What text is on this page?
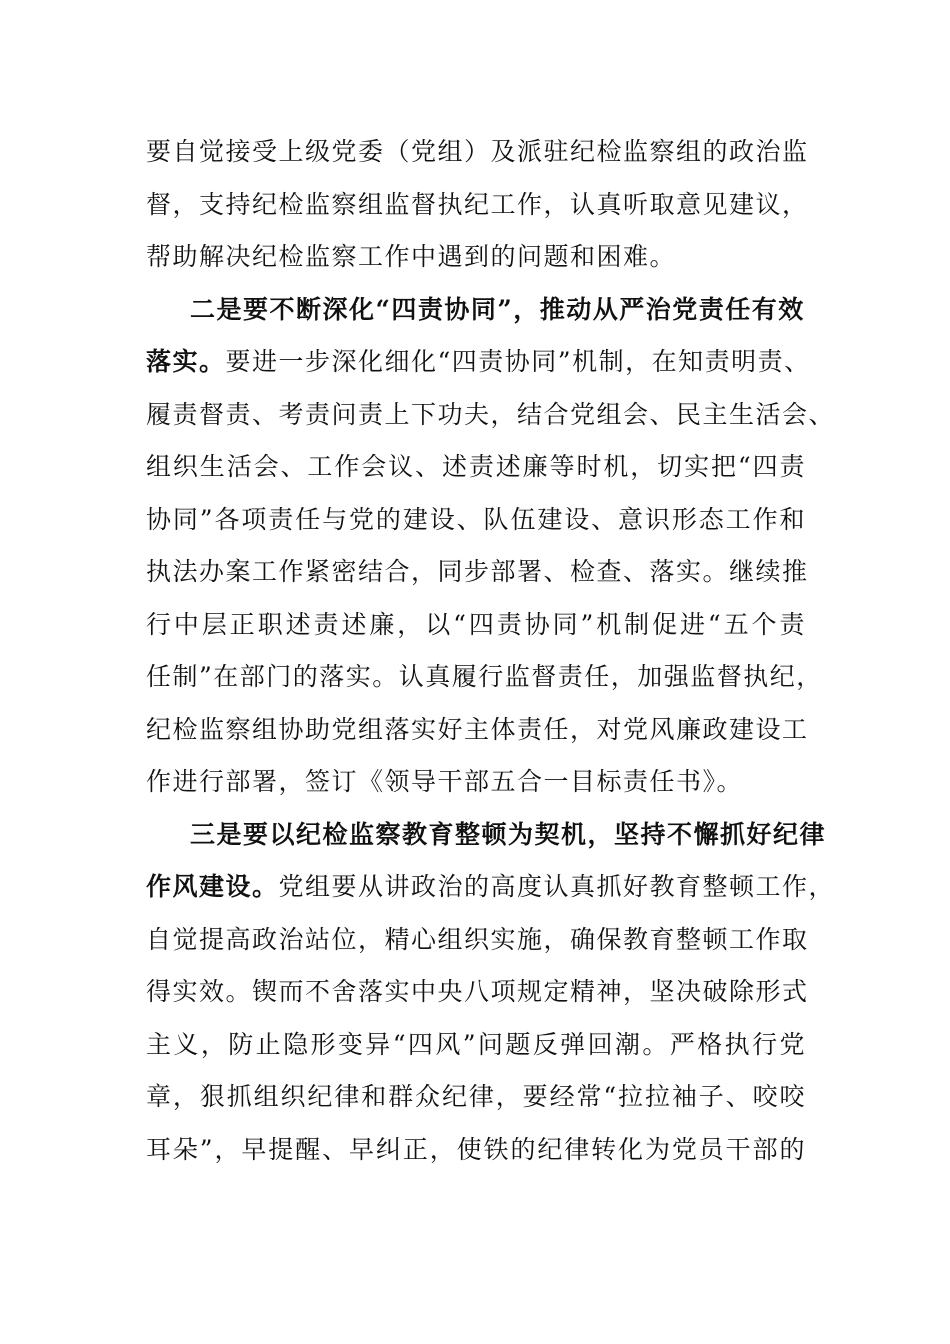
要自觉接受上级党委（党组）及派驻纪检监察组的政治监
督，支持纪检监察组监督执纪工作，认真听取意见建议，
帮助解决纪检监察工作中遇到的问题和困难。
二是要不断深化“四责协同”，推动从严治党责任有效
落实。要进一步深化细化“四责协同”机制，在知责明责、
履责督责、考责问责上下功夫，结合党组会、民主生活会、
组织生活会、工作会议、述责述廉等时机，切实把“四责
协同”各项责任与党的建设、队伍建设、意识形态工作和
执法办案工作紧密结合，同步部署、检查、落实。继续推
行中层正职述责述廉，以“四责协同”机制促进“五个责
任制”在部门的落实。认真履行监督责任，加强监督执纪，
纪检监察组协助党组落实好主体责任，对党风廉政建设工
作进行部署，签订《领导干部五合一目标责任书》。
三是要以纪检监察教育整顿为契机，坚持不懈抓好纪律
作风建设。党组要从讲政治的高度认真抓好教育整顿工作，
自觉提高政治站位，精心组织实施，确保教育整顿工作取
得实效。锲而不舍落实中央八项规定精神，坚决破除形式
主义，防止隐形变异“四风”问题反弹回潮。严格执行党
章，狠抓组织纪律和群众纪律，要经常“拉拉袖子、咬咬
耳朵”，早提醒、早纠正，使铁的纪律转化为党员干部的
